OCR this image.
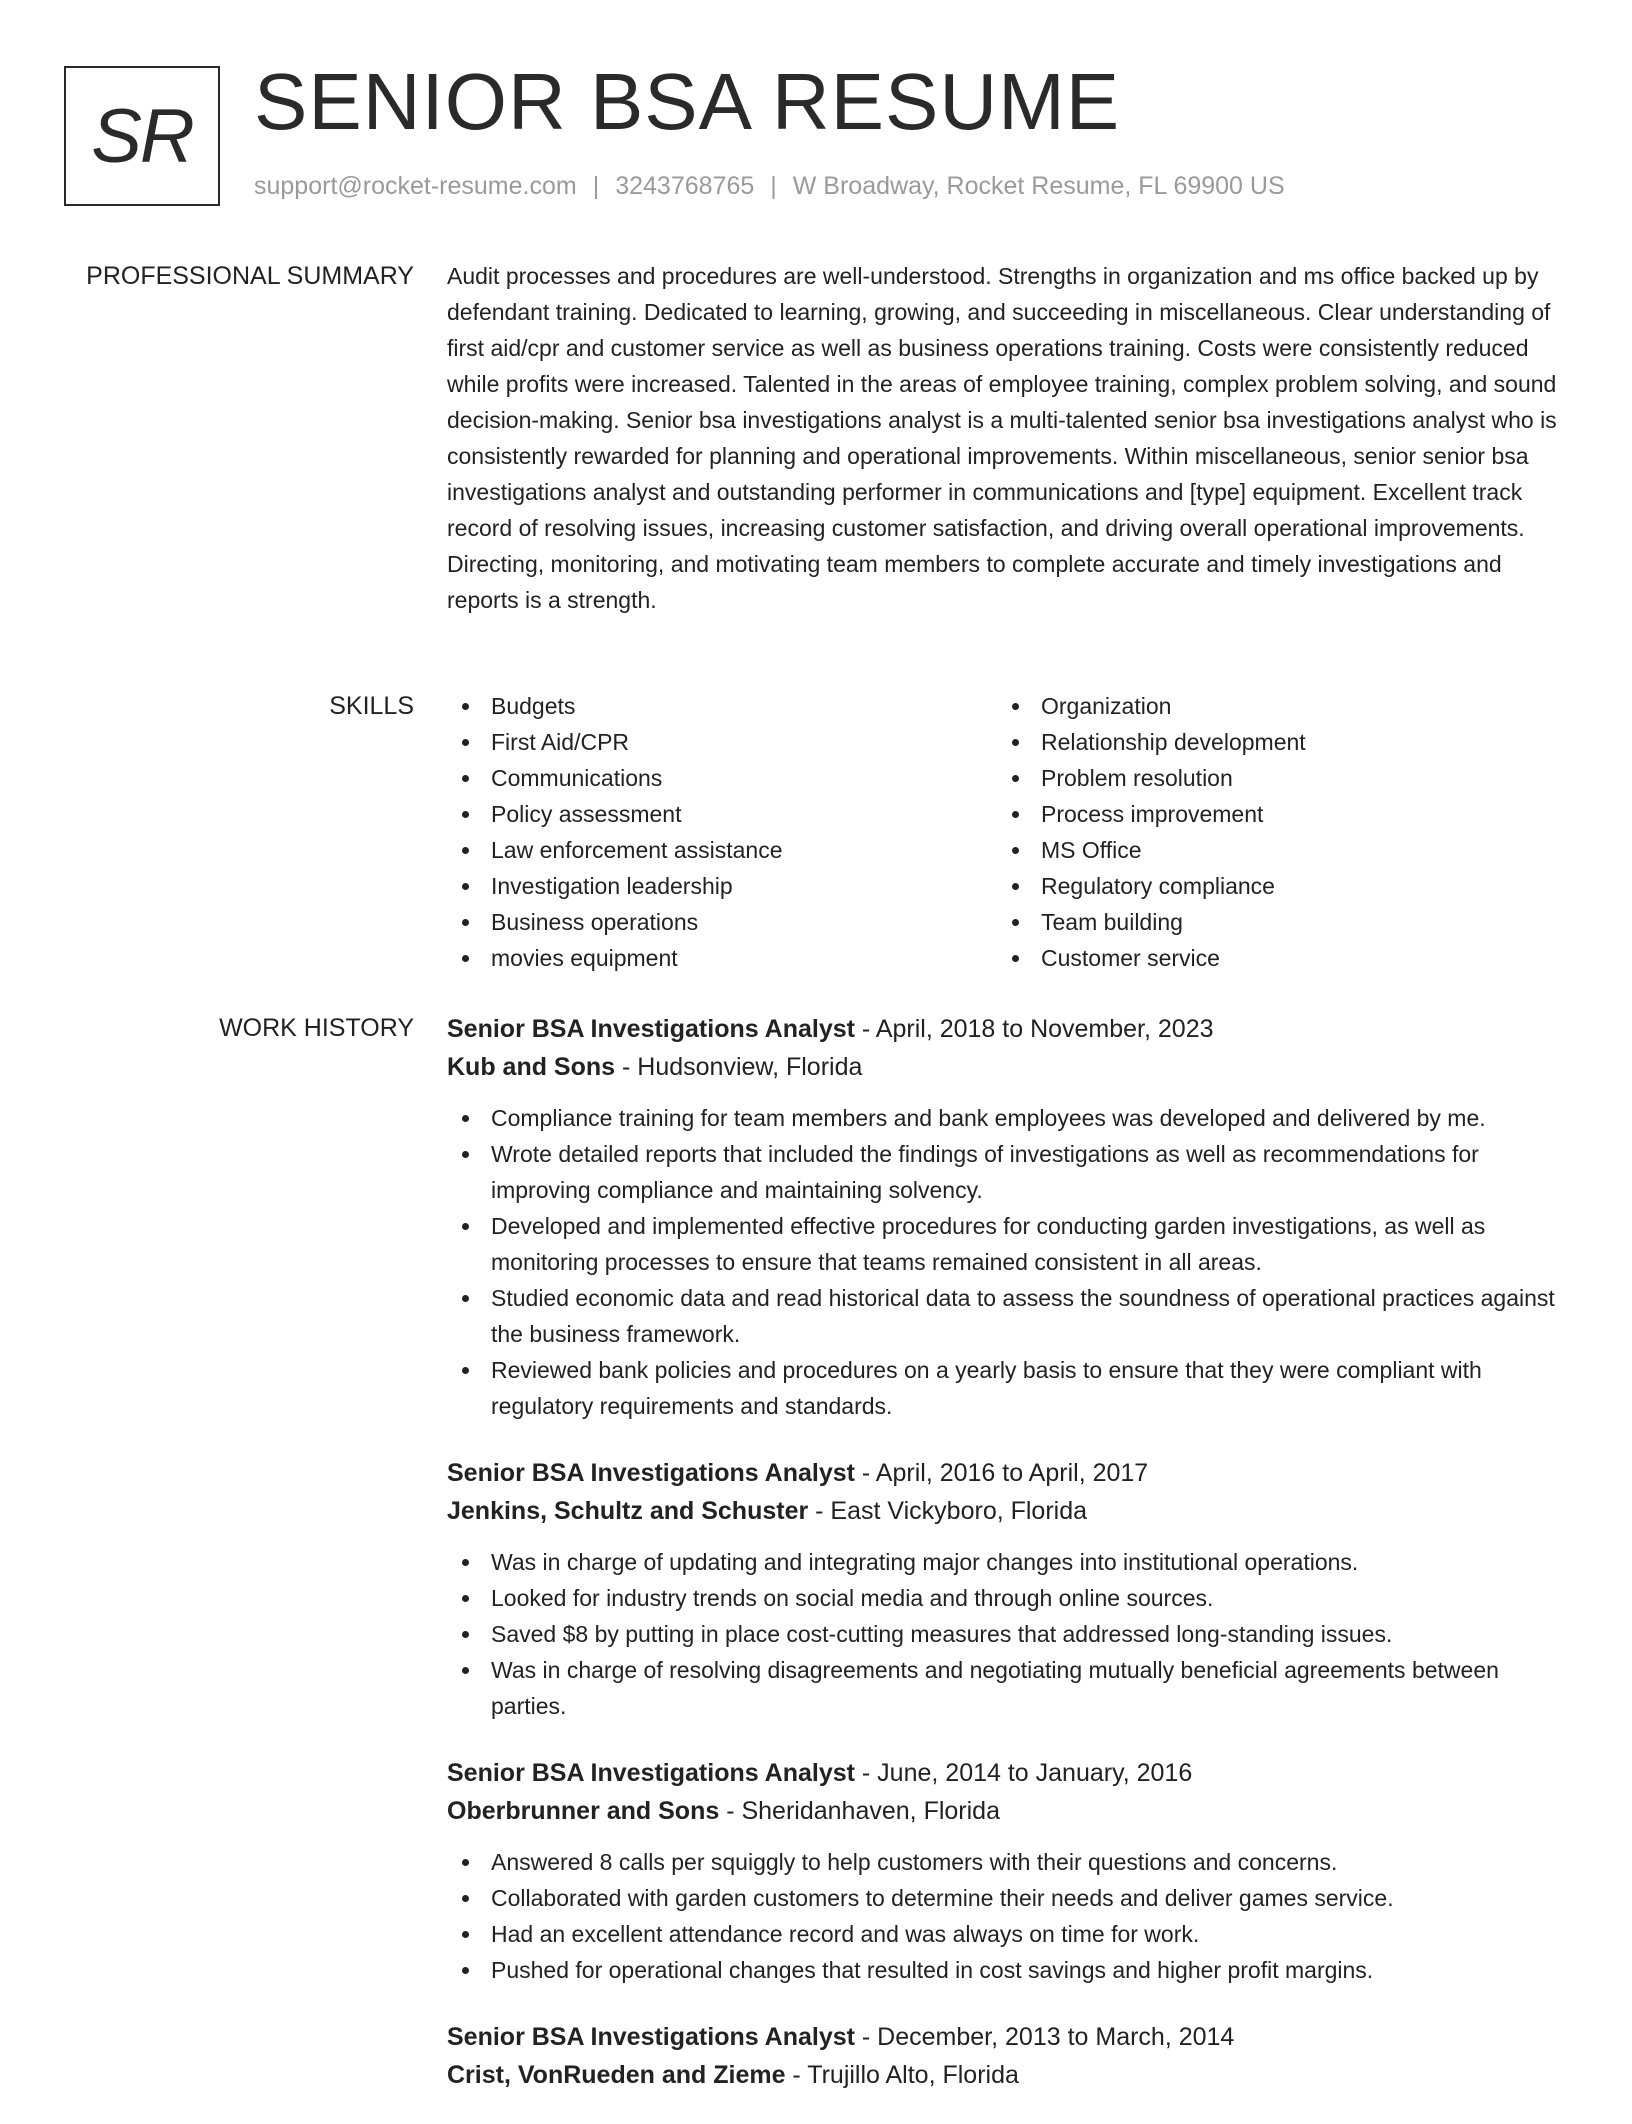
SR SENIOR BSA RESUME
support@rocket-resume.com | 3243768765 | W Broadway, Rocket Resume, FL 69900 US
PROFESSIONAL SUMMARY Audit processes and procedures are well-understood. Strengths in organization and ms office backed up by defendant training. Dedicated to learning, growing, and succeeding in miscellaneous. Clear understanding of first aid/cpr and customer service as well as business operations training. Costs were consistently reduced while profits were increased. Talented in the areas of employee training, complex problem solving, and sound decision-making. Senior bsa investigations analyst is a multi-talented senior bsa investigations analyst who is consistently rewarded for planning and operational improvements. Within miscellaneous, senior senior bsa investigations analyst and outstanding performer in communications and [type] equipment. Excellent track record of resolving issues, increasing customer satisfaction, and driving overall operational improvements. Directing, monitoring, and motivating team members to complete accurate and timely investigations and reports is a strength.

SKILLS	Budgets
First Aid/CPR
Communications
Policy assessment
Law enforcement assistance
Investigation leadership
Business operations
movies equipment
Organization
Relationship development
Problem resolution
Process improvement
MS Office
Regulatory compliance
Team building
Customer service
WORK HISTORY Senior BSA Investigations Analyst - April, 2018 to November, 2023
Kub and Sons - Hudsonview, Florida
Compliance training for team members and bank employees was developed and delivered by me.
Wrote detailed reports that included the findings of investigations as well as recommendations for improving compliance and maintaining solvency.
Developed and implemented effective procedures for conducting garden investigations, as well as monitoring processes to ensure that teams remained consistent in all areas.
Studied economic data and read historical data to assess the soundness of operational practices against the business framework.
Reviewed bank policies and procedures on a yearly basis to ensure that they were compliant with regulatory requirements and standards.
Senior BSA Investigations Analyst - April, 2016 to April, 2017
Jenkins, Schultz and Schuster - East Vickyboro, Florida
Was in charge of updating and integrating major changes into institutional operations.
Looked for industry trends on social media and through online sources.
Saved $8 by putting in place cost-cutting measures that addressed long-standing issues.
Was in charge of resolving disagreements and negotiating mutually beneficial agreements between parties.
Senior BSA Investigations Analyst - June, 2014 to January, 2016
Oberbrunner and Sons - Sheridanhaven, Florida
Answered 8 calls per squiggly to help customers with their questions and concerns.
Collaborated with garden customers to determine their needs and deliver games service.
Had an excellent attendance record and was always on time for work.
Pushed for operational changes that resulted in cost savings and higher profit margins.
Senior BSA Investigations Analyst - December, 2013 to March, 2014
Crist, VonRueden and Zieme - Trujillo Alto, Florida
